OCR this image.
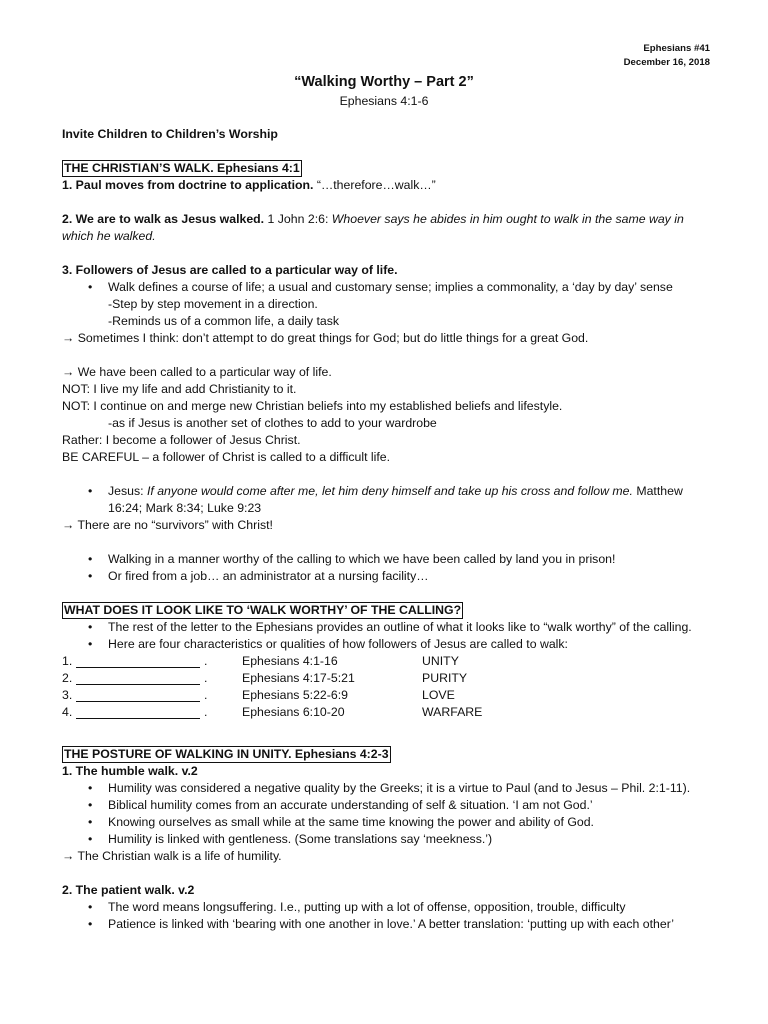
Ephesians #41
December 16, 2018
“Walking Worthy – Part 2”
Ephesians 4:1-6

Invite Children to Children’s Worship

THE CHRISTIAN’S WALK. Ephesians 4:1

1. Paul moves from doctrine to application. “…therefore…walk…”

2. We are to walk as Jesus walked. 1 John 2:6: Whoever says he abides in him ought to walk in the same way in which he walked.

3. Followers of Jesus are called to a particular way of life.

• Walk defines a course of life; a usual and customary sense; implies a commonality, a ‘day by day’ sense

-Step by step movement in a direction.

-Reminds us of a common life, a daily task

→ Sometimes I think: don’t attempt to do great things for God; but do little things for a great God.

→ We have been called to a particular way of life.

NOT: I live my life and add Christianity to it.

NOT: I continue on and merge new Christian beliefs into my established beliefs and lifestyle.

-as if Jesus is another set of clothes to add to your wardrobe

Rather: I become a follower of Jesus Christ.

BE CAREFUL – a follower of Christ is called to a difficult life.

• Jesus: If anyone would come after me, let him deny himself and take up his cross and follow me. Matthew 16:24; Mark 8:34; Luke 9:23

→ There are no “survivors” with Christ!

• Walking in a manner worthy of the calling to which we have been called by land you in prison!
• Or fired from a job… an administrator at a nursing facility…
WHAT DOES IT LOOK LIKE TO ‘WALK WORTHY’ OF THE CALLING?
• The rest of the letter to the Ephesians provides an outline of what it looks like to “walk worthy” of the calling.
• Here are four characteristics or qualities of how followers of Jesus are called to walk:
1.	.	Ephesians 4:1-16	UNITY
2.	.	Ephesians 4:17-5:21	PURITY
3.	.	Ephesians 5:22-6:9	LOVE
4.	.	Ephesians 6:10-20	WARFARE
THE POSTURE OF WALKING IN UNITY. Ephesians 4:2-3

1. The humble walk. v.2

• Humility was considered a negative quality by the Greeks; it is a virtue to Paul (and to Jesus – Phil. 2:1-11).
• Biblical humility comes from an accurate understanding of self & situation. ‘I am not God.’
• Knowing ourselves as small while at the same time knowing the power and ability of God.
• Humility is linked with gentleness. (Some translations say ‘meekness.’)

→ The Christian walk is a life of humility.

2. The patient walk. v.2

• The word means longsuffering. I.e., putting up with a lot of offense, opposition, trouble, difficulty
• Patience is linked with ‘bearing with one another in love.’ A better translation: ‘putting up with each other’
